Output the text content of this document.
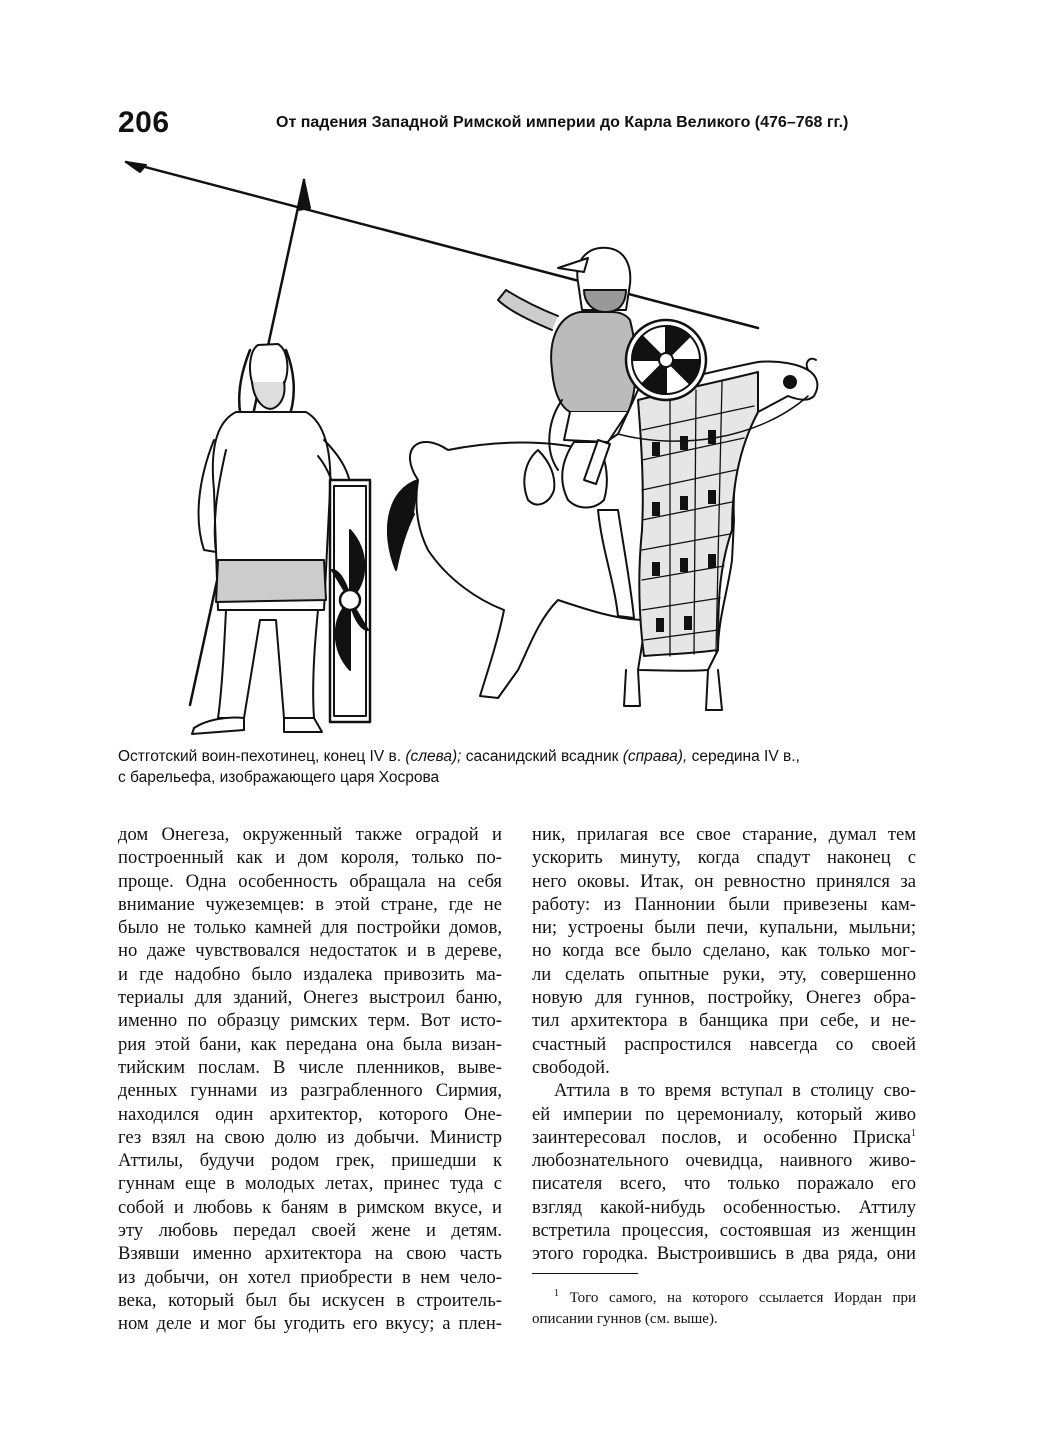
206	От падения Западной Римской империи до Карла Великого (476–768 гг.)
Остготский воин-пехотинец, конец IV в. (слева); сасанидский всадник (справа), середина IV в.,
с барельефа, изображающего царя Хосрова
дом Онегеза, окруженный также оградой и
построенный как и дом короля, только по-
проще. Одна особенность обращала на себя
внимание чужеземцев: в этой стране, где не
было не только камней для постройки домов,
но даже чувствовался недостаток и в дереве,
и где надобно было издалека привозить ма-
териалы для зданий, Онегез выстроил баню,
именно по образцу римских терм. Вот исто-
рия этой бани, как передана она была визан-
тийским послам. В числе пленников, выве-
денных гуннами из разграбленного Сирмия,
находился один архитектор, которого Оне-
гез взял на свою долю из добычи. Министр
Аттилы, будучи родом грек, пришедши к
гуннам еще в молодых летах, принес туда с
собой и любовь к баням в римском вкусе, и
эту любовь передал своей жене и детям.
Взявши именно архитектора на свою часть
из добычи, он хотел приобрести в нем чело-
века, который был бы искусен в строитель-
ном деле и мог бы угодить его вкусу; а плен-
ник, прилагая все свое старание, думал тем
ускорить минуту, когда спадут наконец с
него оковы. Итак, он ревностно принялся за
работу: из Паннонии были привезены кам-
ни; устроены были печи, купальни, мыльни;
но когда все было сделано, как только мог-
ли сделать опытные руки, эту, совершенно
новую для гуннов, постройку, Онегез обра-
тил архитектора в банщика при себе, и не-
счастный распростился навсегда со своей
свободой.
Аттила в то время вступал в столицу сво-
ей империи по церемониалу, который живо
заинтересовал послов, и особенно Приска$^1$
любознательного очевидца, наивного живо-
писателя всего, что только поражало его
взгляд какой-нибудь особенностью. Аттилу
встретила процессия, состоявшая из женщин
этого городка. Выстроившись в два ряда, они
$^1$ Того самого, на которого ссылается Иордан при
описании гуннов (см. выше).
